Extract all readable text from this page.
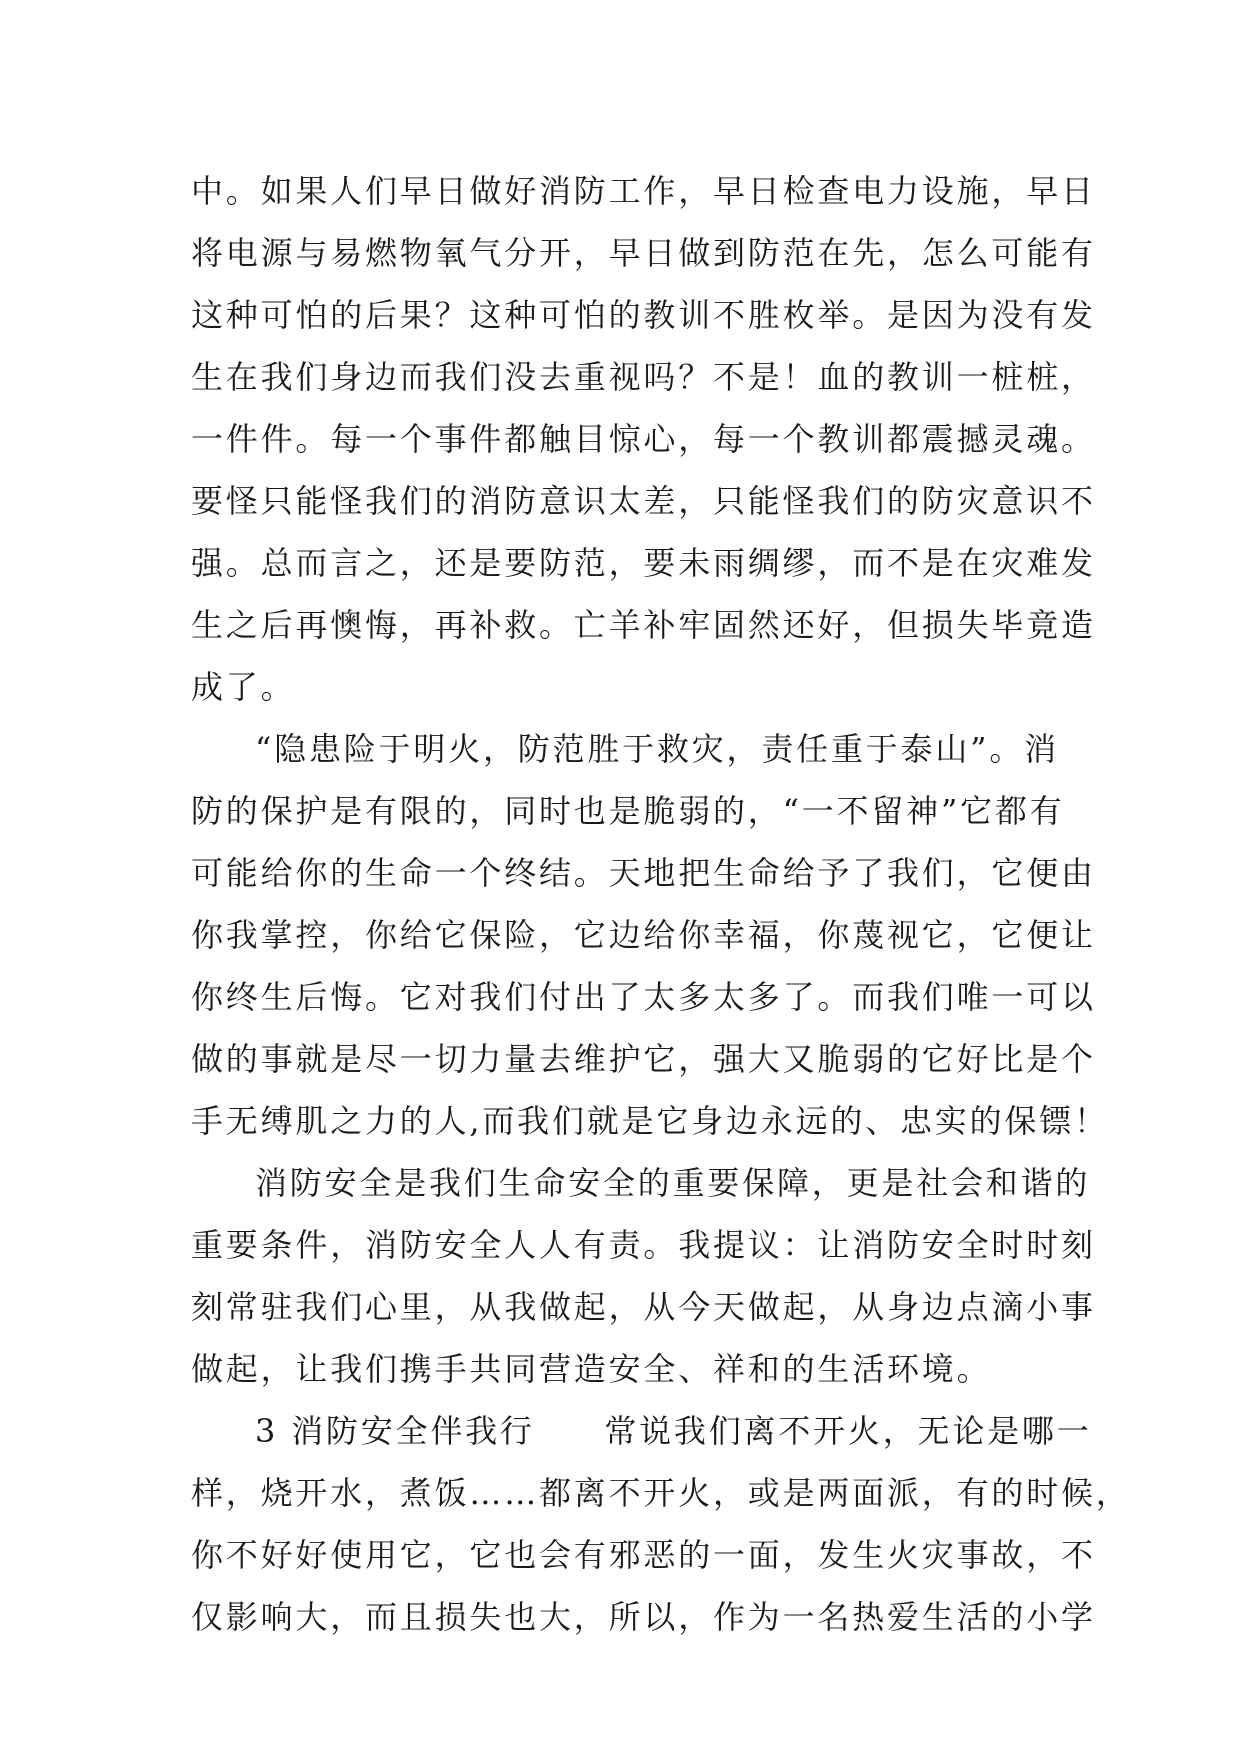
中。如果人们早日做好消防工作，早日检查电力设施，早日
将电源与易燃物氧气分开，早日做到防范在先，怎么可能有
这种可怕的后果？这种可怕的教训不胜枚举。是因为没有发
生在我们身边而我们没去重视吗？不是！血的教训一桩桩，
一件件。每一个事件都触目惊心，每一个教训都震撼灵魂。
要怪只能怪我们的消防意识太差，只能怪我们的防灾意识不
强。总而言之，还是要防范，要未雨绸缪，而不是在灾难发
生之后再懊悔，再补救。亡羊补牢固然还好，但损失毕竟造
成了。
“隐患险于明火，防范胜于救灾，责任重于泰山”。消
防的保护是有限的，同时也是脆弱的，“一不留神”它都有
可能给你的生命一个终结。天地把生命给予了我们，它便由
你我掌控，你给它保险，它边给你幸福，你蔑视它，它便让
你终生后悔。它对我们付出了太多太多了。而我们唯一可以
做的事就是尽一切力量去维护它，强大又脆弱的它好比是个
手无缚肌之力的人,而我们就是它身边永远的、忠实的保镖！
消防安全是我们生命安全的重要保障，更是社会和谐的
重要条件，消防安全人人有责。我提议：让消防安全时时刻
刻常驻我们心里，从我做起，从今天做起，从身边点滴小事
做起，让我们携手共同营造安全、祥和的生活环境。
3 消防安全伴我行　　常说我们离不开火，无论是哪一
样，烧开水，煮饭……都离不开火，或是两面派，有的时候，
你不好好使用它，它也会有邪恶的一面，发生火灾事故，不
仅影响大，而且损失也大，所以，作为一名热爱生活的小学
